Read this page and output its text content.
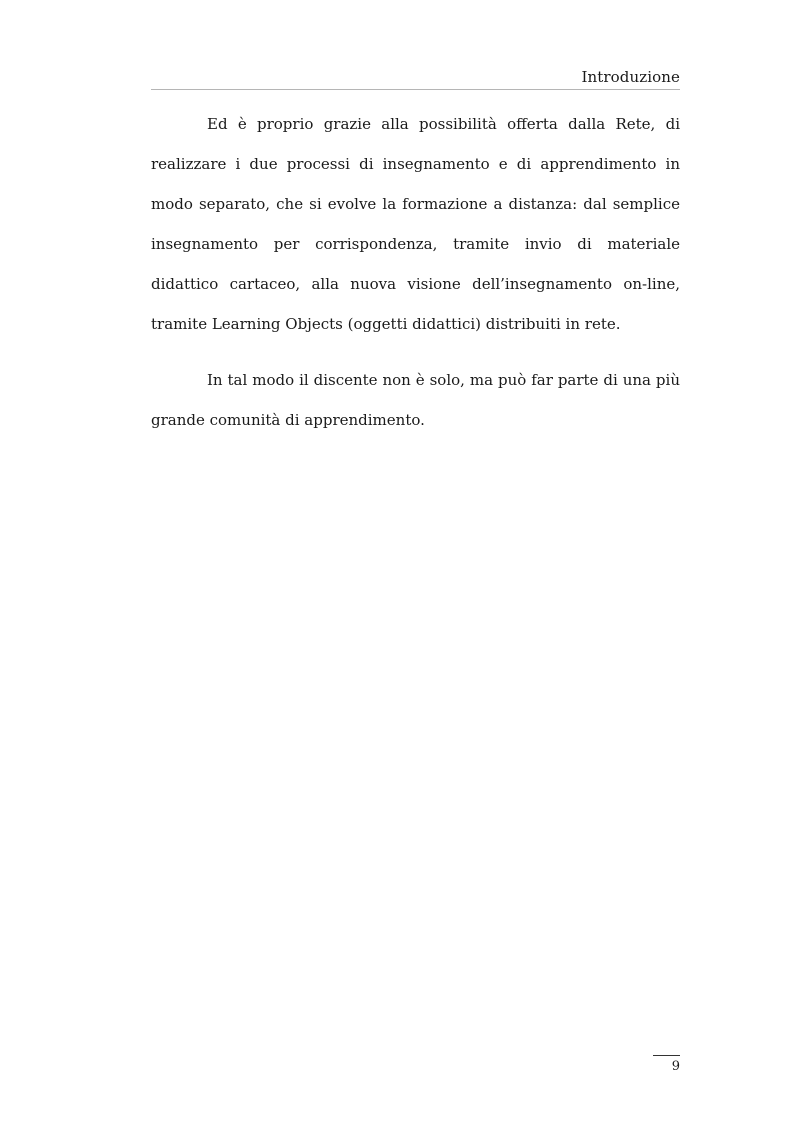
Introduzione

Ed è proprio grazie alla possibilità offerta dalla Rete, di realizzare i due processi di insegnamento e di apprendimento in modo separato, che si evolve la formazione a distanza: dal semplice insegnamento per corrispondenza, tramite invio di materiale didattico cartaceo, alla nuova visione dell’insegnamento on-line, tramite Learning Objects (oggetti didattici) distribuiti in rete.

In tal modo il discente non è solo, ma può far parte di una più grande comunità di apprendimento.

9
